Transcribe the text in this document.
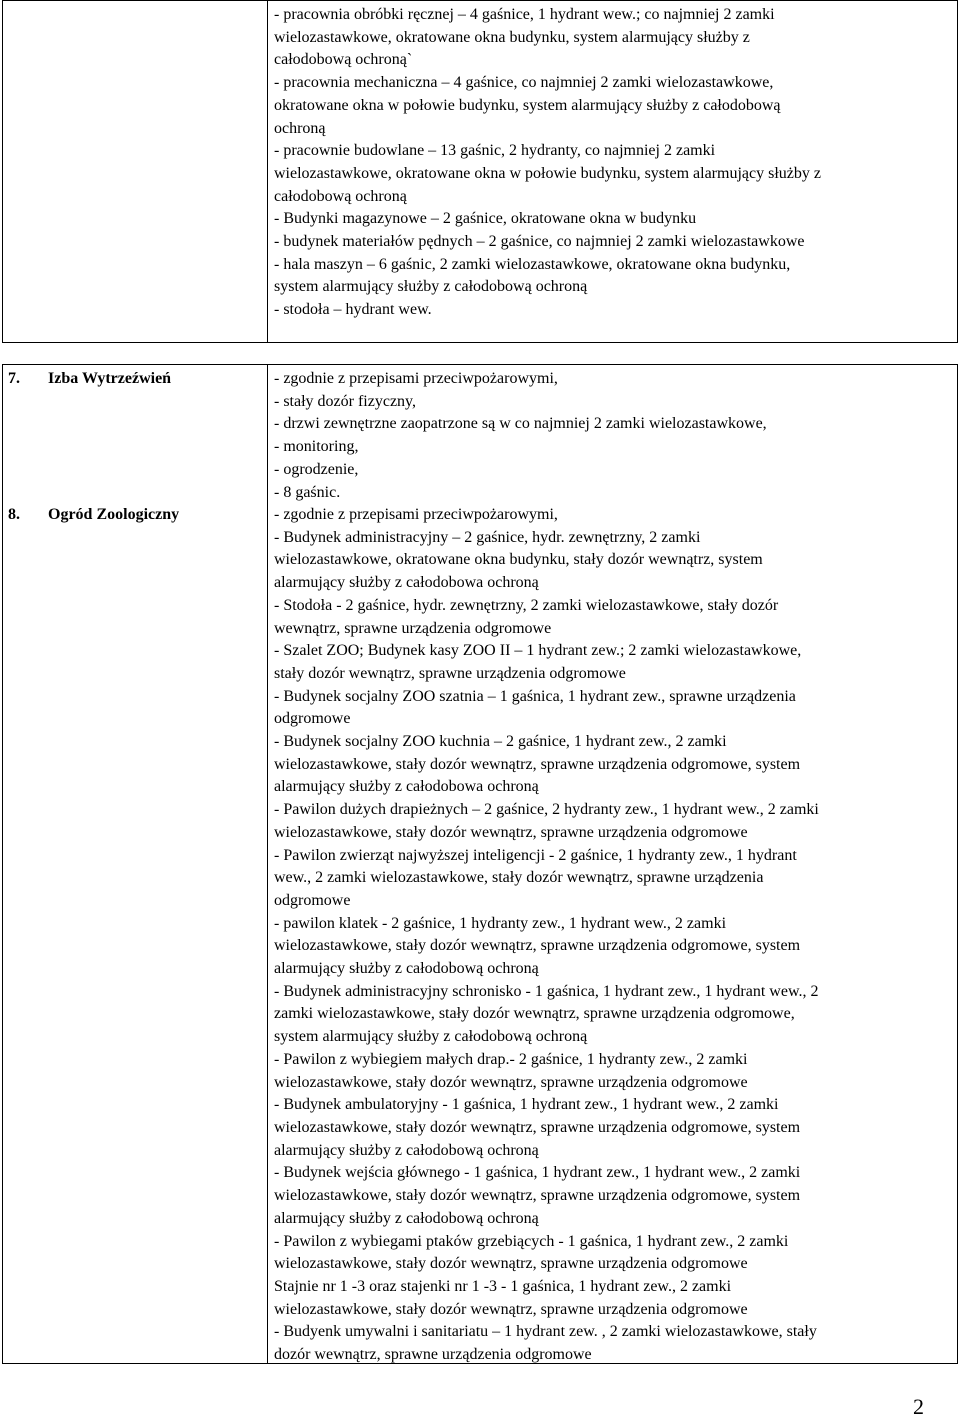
- pracownia obróbki ręcznej – 4 gaśnice, 1 hydrant wew.; co najmniej 2 zamki
wielozastawkowe, okratowane okna budynku, system alarmujący służby z
całodobową ochroną`
- pracownia mechaniczna – 4 gaśnice, co najmniej 2 zamki wielozastawkowe,
okratowane okna w połowie budynku, system alarmujący służby z całodobową
ochroną
- pracownie budowlane – 13 gaśnic, 2 hydranty, co najmniej 2 zamki
wielozastawkowe, okratowane okna w połowie budynku, system alarmujący służby z
całodobową ochroną
- Budynki magazynowe – 2 gaśnice, okratowane okna w budynku
- budynek materiałów pędnych – 2 gaśnice, co najmniej 2 zamki wielozastawkowe
- hala maszyn – 6 gaśnic, 2 zamki wielozastawkowe, okratowane okna budynku,
system alarmujący służby z całodobową ochroną
- stodoła – hydrant wew.
7. Izba Wytrzeźwień	- zgodnie z przepisami przeciwpożarowymi,
- stały dozór fizyczny,
- drzwi zewnętrzne zaopatrzone są w co najmniej 2 zamki wielozastawkowe,
- monitoring,
- ogrodzenie,
- 8 gaśnic.
8. Ogród Zoologiczny	- zgodnie z przepisami przeciwpożarowymi,
- Budynek administracyjny – 2 gaśnice, hydr. zewnętrzny, 2 zamki
wielozastawkowe, okratowane okna budynku, stały dozór wewnątrz, system
alarmujący służby z całodobowa ochroną
- Stodoła - 2 gaśnice, hydr. zewnętrzny, 2 zamki wielozastawkowe, stały dozór
wewnątrz, sprawne urządzenia odgromowe
- Szalet ZOO; Budynek kasy ZOO II – 1 hydrant zew.; 2 zamki wielozastawkowe,
stały dozór wewnątrz, sprawne urządzenia odgromowe
- Budynek socjalny ZOO szatnia – 1 gaśnica, 1 hydrant zew., sprawne urządzenia
odgromowe
- Budynek socjalny ZOO kuchnia – 2 gaśnice, 1 hydrant zew., 2 zamki
wielozastawkowe, stały dozór wewnątrz, sprawne urządzenia odgromowe, system
alarmujący służby z całodobowa ochroną
- Pawilon dużych drapieżnych – 2 gaśnice, 2 hydranty zew., 1 hydrant wew., 2 zamki
wielozastawkowe, stały dozór wewnątrz, sprawne urządzenia odgromowe
- Pawilon zwierząt najwyższej inteligencji - 2 gaśnice, 1 hydranty zew., 1 hydrant
wew., 2 zamki wielozastawkowe, stały dozór wewnątrz, sprawne urządzenia
odgromowe
- pawilon klatek - 2 gaśnice, 1 hydranty zew., 1 hydrant wew., 2 zamki
wielozastawkowe, stały dozór wewnątrz, sprawne urządzenia odgromowe, system
alarmujący służby z całodobową ochroną
- Budynek administracyjny schronisko - 1 gaśnica, 1 hydrant zew., 1 hydrant wew., 2
zamki wielozastawkowe, stały dozór wewnątrz, sprawne urządzenia odgromowe,
system alarmujący służby z całodobową ochroną
- Pawilon z wybiegiem małych drap.- 2 gaśnice, 1 hydranty zew., 2 zamki
wielozastawkowe, stały dozór wewnątrz, sprawne urządzenia odgromowe
- Budynek ambulatoryjny - 1 gaśnica, 1 hydrant zew., 1 hydrant wew., 2 zamki
wielozastawkowe, stały dozór wewnątrz, sprawne urządzenia odgromowe, system
alarmujący służby z całodobową ochroną
- Budynek wejścia głównego - 1 gaśnica, 1 hydrant zew., 1 hydrant wew., 2 zamki
wielozastawkowe, stały dozór wewnątrz, sprawne urządzenia odgromowe, system
alarmujący służby z całodobową ochroną
- Pawilon z wybiegami ptaków grzebiących - 1 gaśnica, 1 hydrant zew., 2 zamki
wielozastawkowe, stały dozór wewnątrz, sprawne urządzenia odgromowe
Stajnie nr 1 -3 oraz stajenki nr 1 -3 - 1 gaśnica, 1 hydrant zew., 2 zamki
wielozastawkowe, stały dozór wewnątrz, sprawne urządzenia odgromowe
- Budyenk umywalni i sanitariatu – 1 hydrant zew. , 2 zamki wielozastawkowe, stały
dozór wewnątrz, sprawne urządzenia odgromowe
2
